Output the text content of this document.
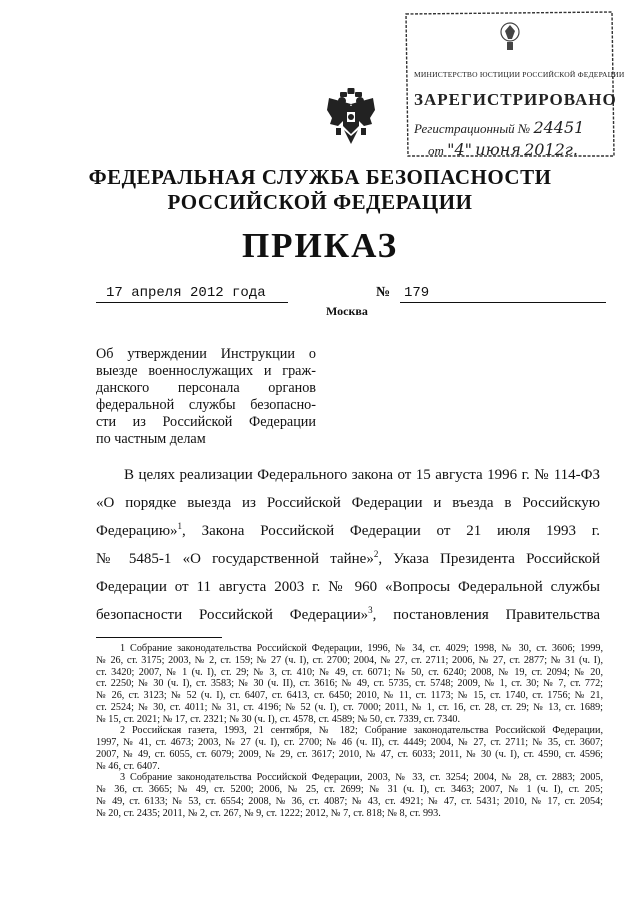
МИНИСТЕРСТВО ЮСТИЦИИ РОССИЙСКОЙ ФЕДЕРАЦИИ
ЗАРЕГИСТРИРОВАНО
Регистрационный № 24451
от "4" июня 2012г.
ФЕДЕРАЛЬНАЯ СЛУЖБА БЕЗОПАСНОСТИ
РОССИЙСКОЙ ФЕДЕРАЦИИ
ПРИКАЗ
17 апреля 2012 года	№ 179
Москва
Об утверждении Инструкции о
выезде военнослужащих и граж-
данского персонала органов
федеральной службы безопасно-
сти из Российской Федерации
по частным делам
В целях реализации Федерального закона от 15 августа 1996 г. № 114-ФЗ
«О порядке выезда из Российской Федерации и въезда в Российскую
Федерацию»$^1$, Закона Российской Федерации от 21 июля 1993 г.
№ 5485-1 «О государственной тайне»$^2$, Указа Президента Российской
Федерации от 11 августа 2003 г. № 960 «Вопросы Федеральной службы
безопасности Российской Федерации»$^3$, постановления Правительства
1 Собрание законодательства Российской Федерации, 1996, № 34, ст. 4029; 1998, № 30, ст. 3606; 1999,
№ 26, ст. 3175; 2003, № 2, ст. 159; № 27 (ч. I), ст. 2700; 2004, № 27, ст. 2711; 2006, № 27, ст. 2877; № 31 (ч. I),
ст. 3420; 2007, № 1 (ч. I), ст. 29; № 3, ст. 410; № 49, ст. 6071; № 50, ст. 6240; 2008, № 19, ст. 2094; № 20,
ст. 2250; № 30 (ч. I), ст. 3583; № 30 (ч. II), ст. 3616; № 49, ст. 5735, ст. 5748; 2009, № 1, ст. 30; № 7, ст. 772;
№ 26, ст. 3123; № 52 (ч. I), ст. 6407, ст. 6413, ст. 6450; 2010, № 11, ст. 1173; № 15, ст. 1740, ст. 1756; № 21,
ст. 2524; № 30, ст. 4011; № 31, ст. 4196; № 52 (ч. I), ст. 7000; 2011, № 1, ст. 16, ст. 28, ст. 29; № 13, ст. 1689;
№ 15, ст. 2021; № 17, ст. 2321; № 30 (ч. I), ст. 4578, ст. 4589; № 50, ст. 7339, ст. 7340.
2 Российская газета, 1993, 21 сентября, № 182; Собрание законодательства Российской Федерации,
1997, № 41, ст. 4673; 2003, № 27 (ч. I), ст. 2700; № 46 (ч. II), ст. 4449; 2004, № 27, ст. 2711; № 35, ст. 3607;
2007, № 49, ст. 6055, ст. 6079; 2009, № 29, ст. 3617; 2010, № 47, ст. 6033; 2011, № 30 (ч. I), ст. 4590, ст. 4596;
№ 46, ст. 6407.
3 Собрание законодательства Российской Федерации, 2003, № 33, ст. 3254; 2004, № 28, ст. 2883; 2005,
№ 36, ст. 3665; № 49, ст. 5200; 2006, № 25, ст. 2699; № 31 (ч. I), ст. 3463; 2007, № 1 (ч. I), ст. 205;
№ 49, ст. 6133; № 53, ст. 6554; 2008, № 36, ст. 4087; № 43, ст. 4921; № 47, ст. 5431; 2010, № 17, ст. 2054;
№ 20, ст. 2435; 2011, № 2, ст. 267, № 9, ст. 1222; 2012, № 7, ст. 818; № 8, ст. 993.
